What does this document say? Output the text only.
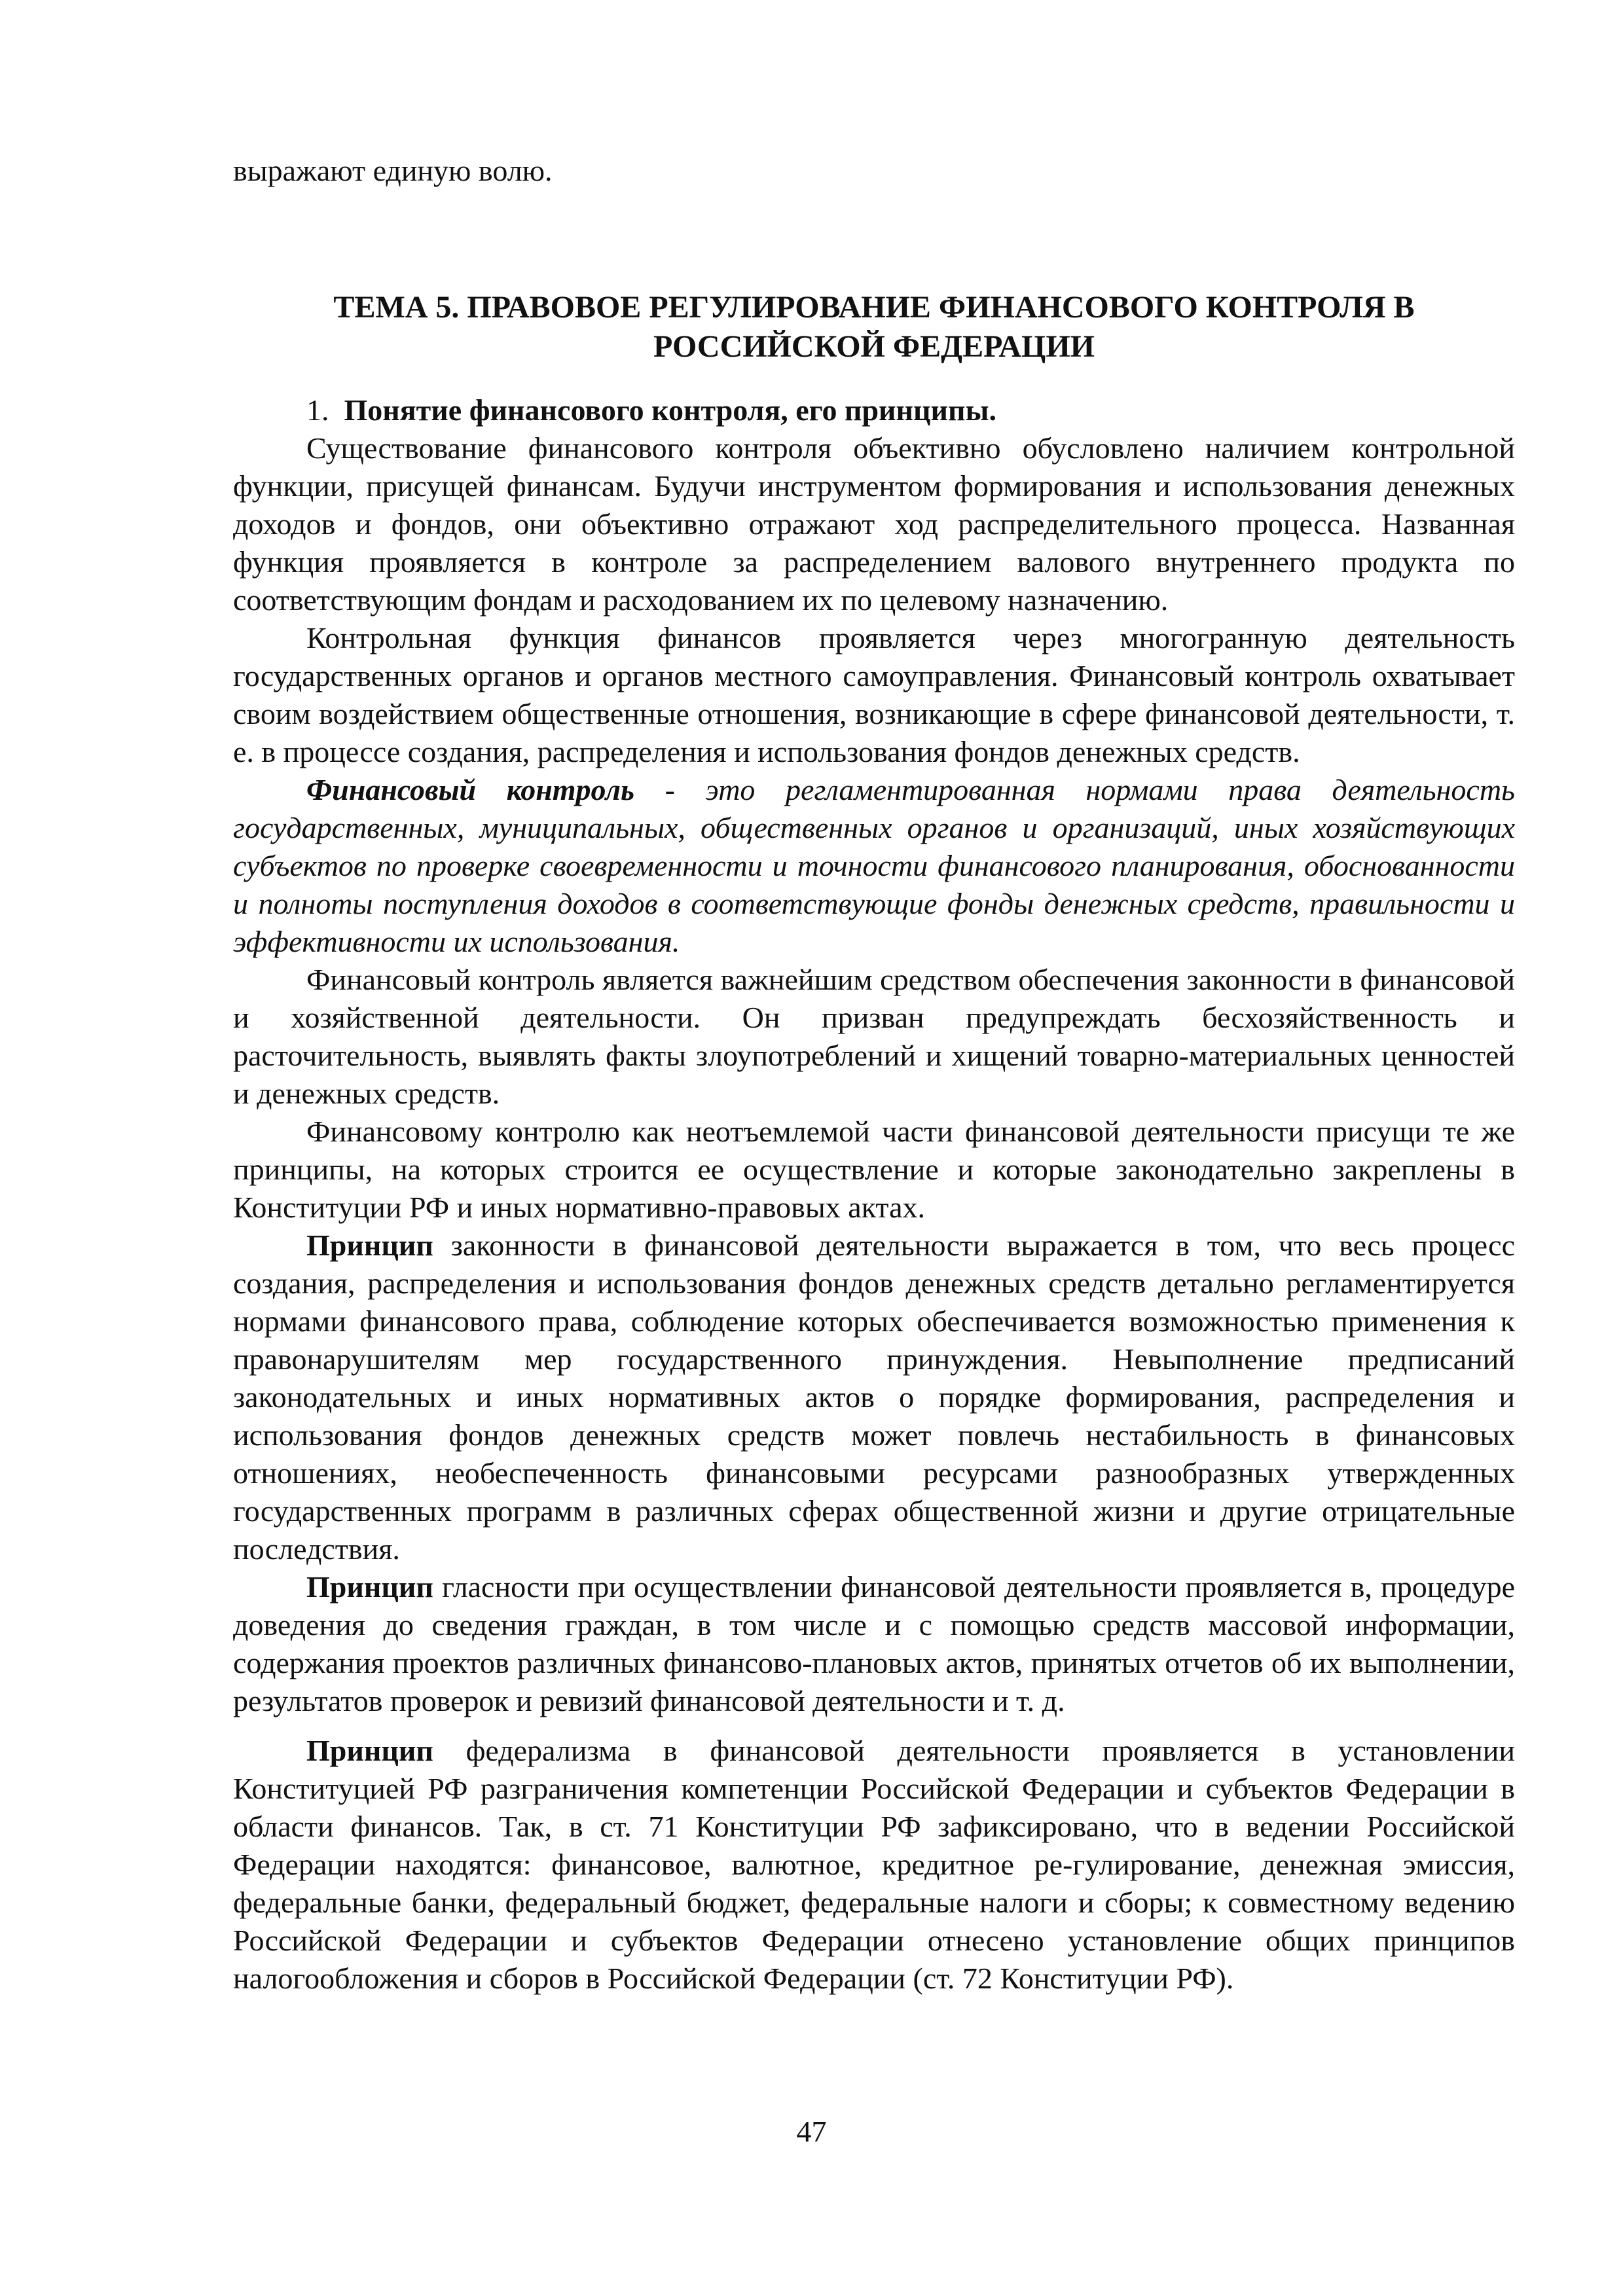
выражают единую волю.

ТЕМА 5. ПРАВОВОЕ РЕГУЛИРОВАНИЕ ФИНАНСОВОГО КОНТРОЛЯ В
РОССИЙСКОЙ ФЕДЕРАЦИИ
1. Понятие финансового контроля, его принципы.

Существование финансового контроля объективно обусловлено наличием контрольной функции, присущей финансам. Будучи инструментом формирования и использования денежных доходов и фондов, они объективно отражают ход распределительного процесса. Названная функция проявляется в контроле за распределением валового внутреннего продукта по соответствующим фондам и расходованием их по целевому назначению.

Контрольная функция финансов проявляется через многогранную деятельность государственных органов и органов местного самоуправления. Финансовый контроль охватывает своим воздействием общественные отношения, возникающие в сфере финансовой деятельности, т. е. в процессе создания, распределения и использования фондов денежных средств.

Финансовый контроль - это регламентированная нормами права деятельность государственных, муниципальных, общественных органов и организаций, иных хозяйствующих субъектов по проверке своевременности и точности финансового планирования, обоснованности и полноты поступления доходов в соответствующие фонды денежных средств, правильности и эффективности их использования.

Финансовый контроль является важнейшим средством обеспечения законности в финансовой и хозяйственной деятельности. Он призван предупреждать бесхозяйственность и расточительность, выявлять факты злоупотреблений и хищений товарно-материальных ценностей и денежных средств.

Финансовому контролю как неотъемлемой части финансовой деятельности присущи те же принципы, на которых строится ее осуществление и которые законодательно закреплены в Конституции РФ и иных нормативно-правовых актах.

Принцип законности в финансовой деятельности выражается в том, что весь процесс создания, распределения и использования фондов денежных средств детально регламентируется нормами финансового права, соблюдение которых обеспечивается возможностью применения к правонарушителям мер государственного принуждения. Невыполнение предписаний законодательных и иных нормативных актов о порядке формирования, распределения и использования фондов денежных средств может повлечь нестабильность в финансовых отношениях, необеспеченность финансовыми ресурсами разнообразных утвержденных государственных программ в различных сферах общественной жизни и другие отрицательные последствия.

Принцип гласности при осуществлении финансовой деятельности проявляется в, процедуре доведения до сведения граждан, в том числе и с помощью средств массовой информации, содержания проектов различных финансово-плановых актов, принятых отчетов об их выполнении, результатов проверок и ревизий финансовой деятельности и т. д.

Принцип федерализма в финансовой деятельности проявляется в установлении Конституцией РФ разграничения компетенции Российской Федерации и субъектов Федерации в области финансов. Так, в ст. 71 Конституции РФ зафиксировано, что в ведении Российской Федерации находятся: финансовое, валютное, кредитное ре-гулирование, денежная эмиссия, федеральные банки, федеральный бюджет, федеральные налоги и сборы; к совместному ведению Российской Федерации и субъектов Федерации отнесено установление общих принципов налогообложения и сборов в Российской Федерации (ст. 72 Конституции РФ).

47
